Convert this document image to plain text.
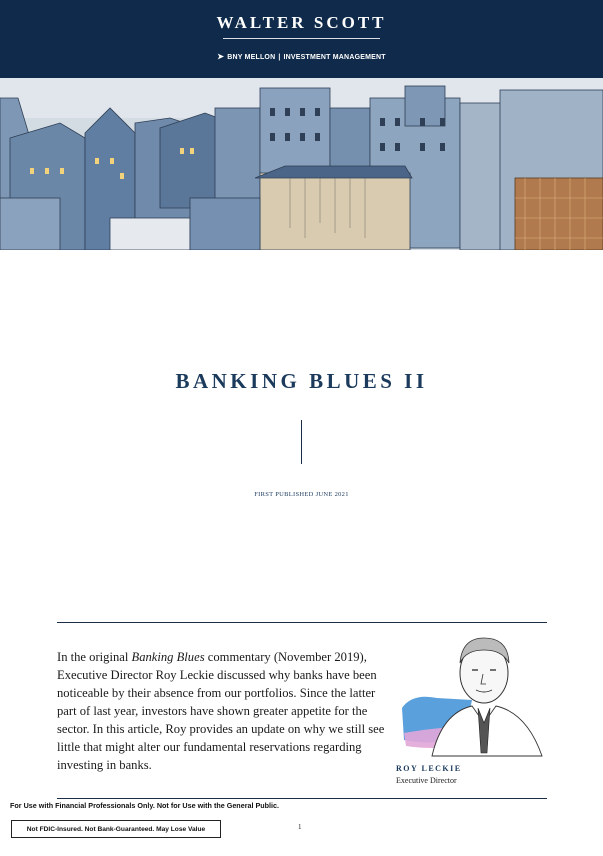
WALTER SCOTT
➤ BNY MELLON | INVESTMENT MANAGEMENT
BANKING BLUES II
FIRST PUBLISHED JUNE 2021
In the original Banking Blues commentary (November 2019), Executive Director Roy Leckie discussed why banks have been noticeable by their absence from our portfolios. Since the latter part of last year, investors have shown greater appetite for the sector. In this article, Roy provides an update on why we still see little that might alter our fundamental reservations regarding investing in banks.	ROY LECKIE
Executive Director
For Use with Financial Professionals Only. Not for Use with the General Public.
Not FDIC-Insured. Not Bank-Guaranteed. May Lose Value	1
